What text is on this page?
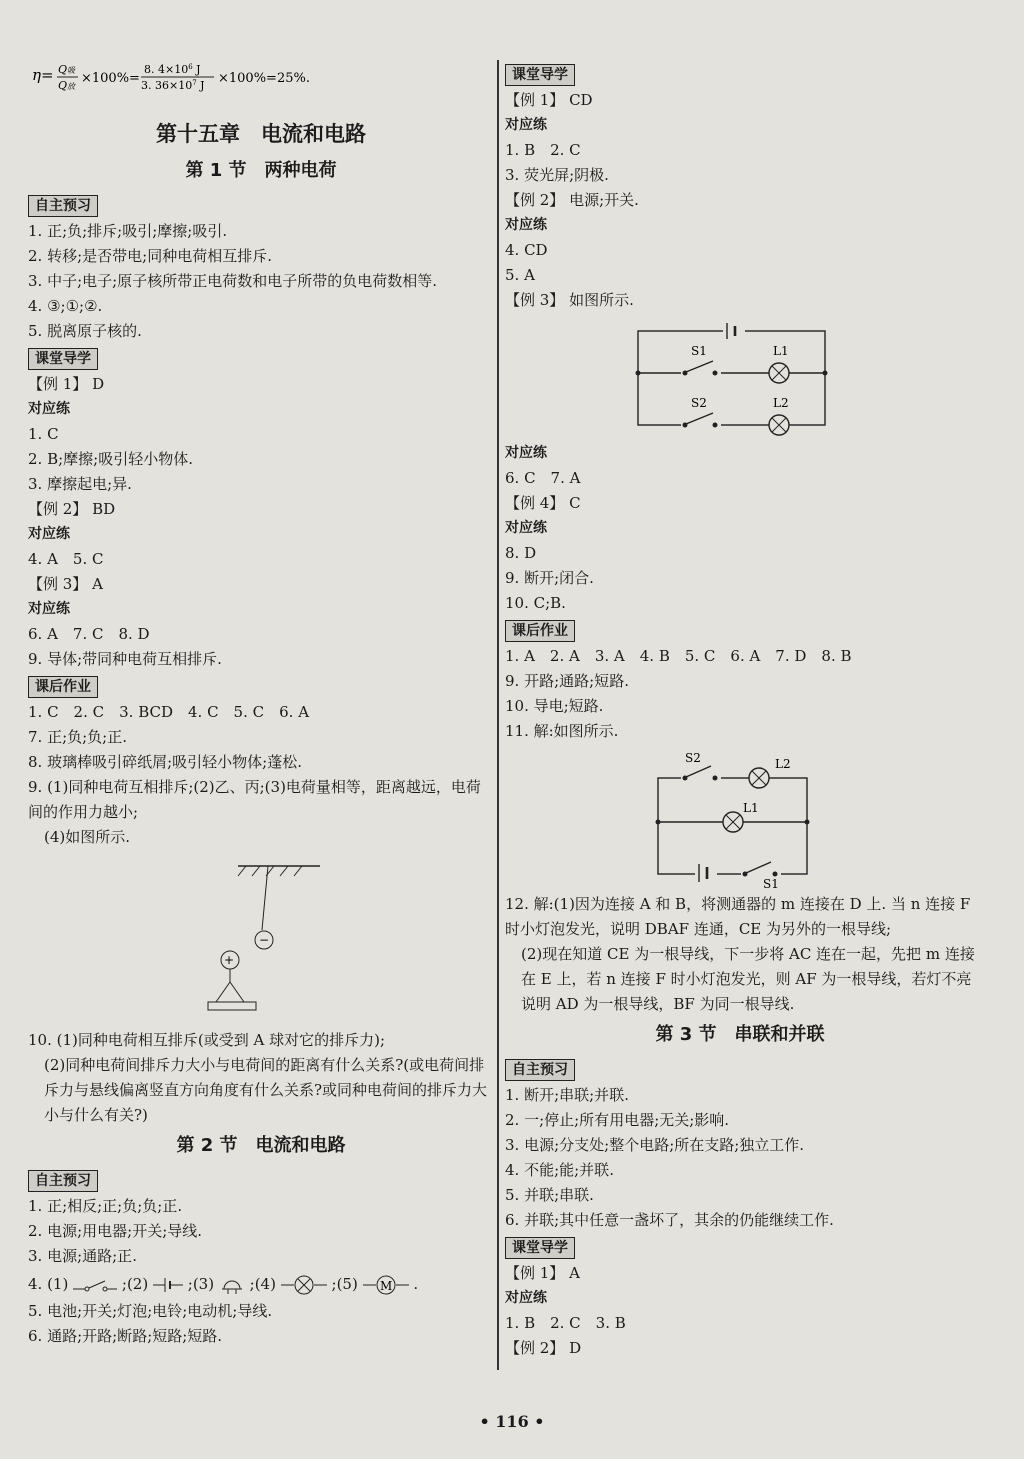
η= Q吸
Q放
×100%=
8. $4\times 10^6$ J
3. $36\times 10^7$ J ×100%=25%.
第十五章　电流和电路
第 1 节　两种电荷
自主预习
1. 正;负;排斥;吸引;摩擦;吸引.
2. 转移;是否带电;同种电荷相互排斥.
3. 中子;电子;原子核所带正电荷数和电子所带的负电荷数相等.
4. ③;①;②.
5. 脱离原子核的.
课堂导学
【例 1】 D
对应练
1. C
2. B;摩擦;吸引轻小物体.
3. 摩擦起电;异.
【例 2】 BD
对应练
4. A　5. C
【例 3】 A
对应练
6. A　7. C　8. D
9. 导体;带同种电荷互相排斥.
课后作业
1. C　2. C　3. BCD　4. C　5. C　6. A
7. 正;负;负;正.
8. 玻璃棒吸引碎纸屑;吸引轻小物体;蓬松.
9. (1)同种电荷互相排斥;(2)乙、丙;(3)电荷量相等，距离越远，电荷间的作用力越小;
(4)如图所示.
−
+
10. (1)同种电荷相互排斥(或受到 A 球对它的排斥力);
(2)同种电荷间排斥力大小与电荷间的距离有什么关系?(或电荷间排斥力与悬线偏离竖直方向角度有什么关系?或同种电荷间的排斥力大小与什么有关?)
第 2 节　电流和电路
自主预习
1. 正;相反;正;负;负;正.
2. 电源;用电器;开关;导线.
3. 电源;通路;正.
4. (1)	;(2)	;(3) ;(4)	;(5) M .
5. 电池;开关;灯泡;电铃;电动机;导线.
6. 通路;开路;断路;短路;短路.
课堂导学
【例 1】 CD
对应练
1. B　2. C
3. 荧光屏;阴极.
【例 2】 电源;开关.
对应练
4. CD
5. A
【例 3】 如图所示.
S1	L1
S2	L2
对应练
6. C　7. A
【例 4】 C
对应练
8. D
9. 断开;闭合.
10. C;B.
课后作业
1. A　2. A　3. A　4. B　5. C　6. A　7. D　8. B
9. 开路;通路;短路.
10. 导电;短路.
11. 解:如图所示.
S2	L2
L1
S1
12. 解:(1)因为连接 A 和 B，将测通器的 m 连接在 D 上. 当 n 连接 F 时小灯泡发光，说明 DBAF 连通，CE 为另外的一根导线;
(2)现在知道 CE 为一根导线，下一步将 AC 连在一起，先把 m 连接在 E 上，若 n 连接 F 时小灯泡发光，则 AF 为一根导线，若灯不亮说明 AD 为一根导线，BF 为同一根导线.
第 3 节　串联和并联
自主预习
1. 断开;串联;并联.
2. 一;停止;所有用电器;无关;影响.
3. 电源;分支处;整个电路;所在支路;独立工作.
4. 不能;能;并联.
5. 并联;串联.
6. 并联;其中任意一盏坏了，其余的仍能继续工作.
课堂导学
【例 1】 A
对应练
1. B　2. C　3. B
【例 2】 D
• 116 •
